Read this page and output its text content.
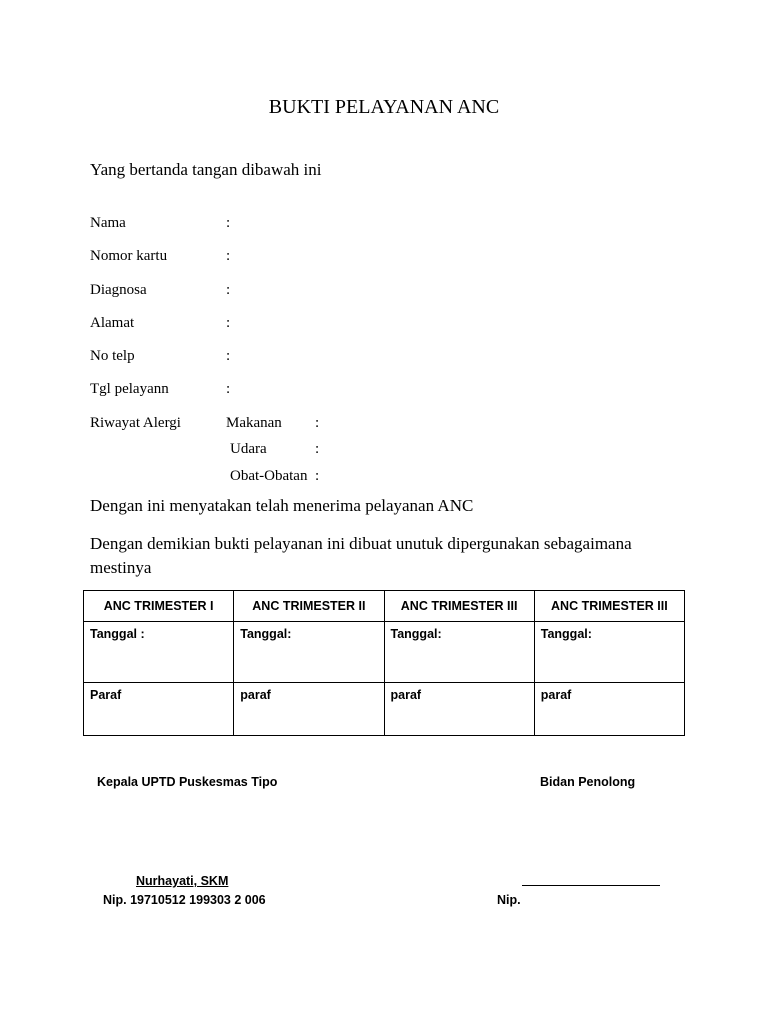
BUKTI PELAYANAN ANC
Yang bertanda tangan dibawah ini
Nama	:
Nomor kartu	:
Diagnosa	:
Alamat	:
No telp	:
Tgl pelayann	:
Riwayat Alergi	Makanan :
Udara	:
Obat-Obatan :
Dengan ini menyatakan telah menerima pelayanan ANC
Dengan demikian bukti pelayanan ini dibuat unutuk dipergunakan sebagaimana mestinya
ANC TRIMESTER I	ANC TRIMESTER II	ANC TRIMESTER III	ANC TRIMESTER III
Tanggal :	Tanggal:	Tanggal:	Tanggal:
Paraf	paraf	paraf	paraf
Kepala UPTD Puskesmas Tipo	Bidan Penolong
Nurhayati, SKM
Nip. 19710512 199303 2 006	Nip.
